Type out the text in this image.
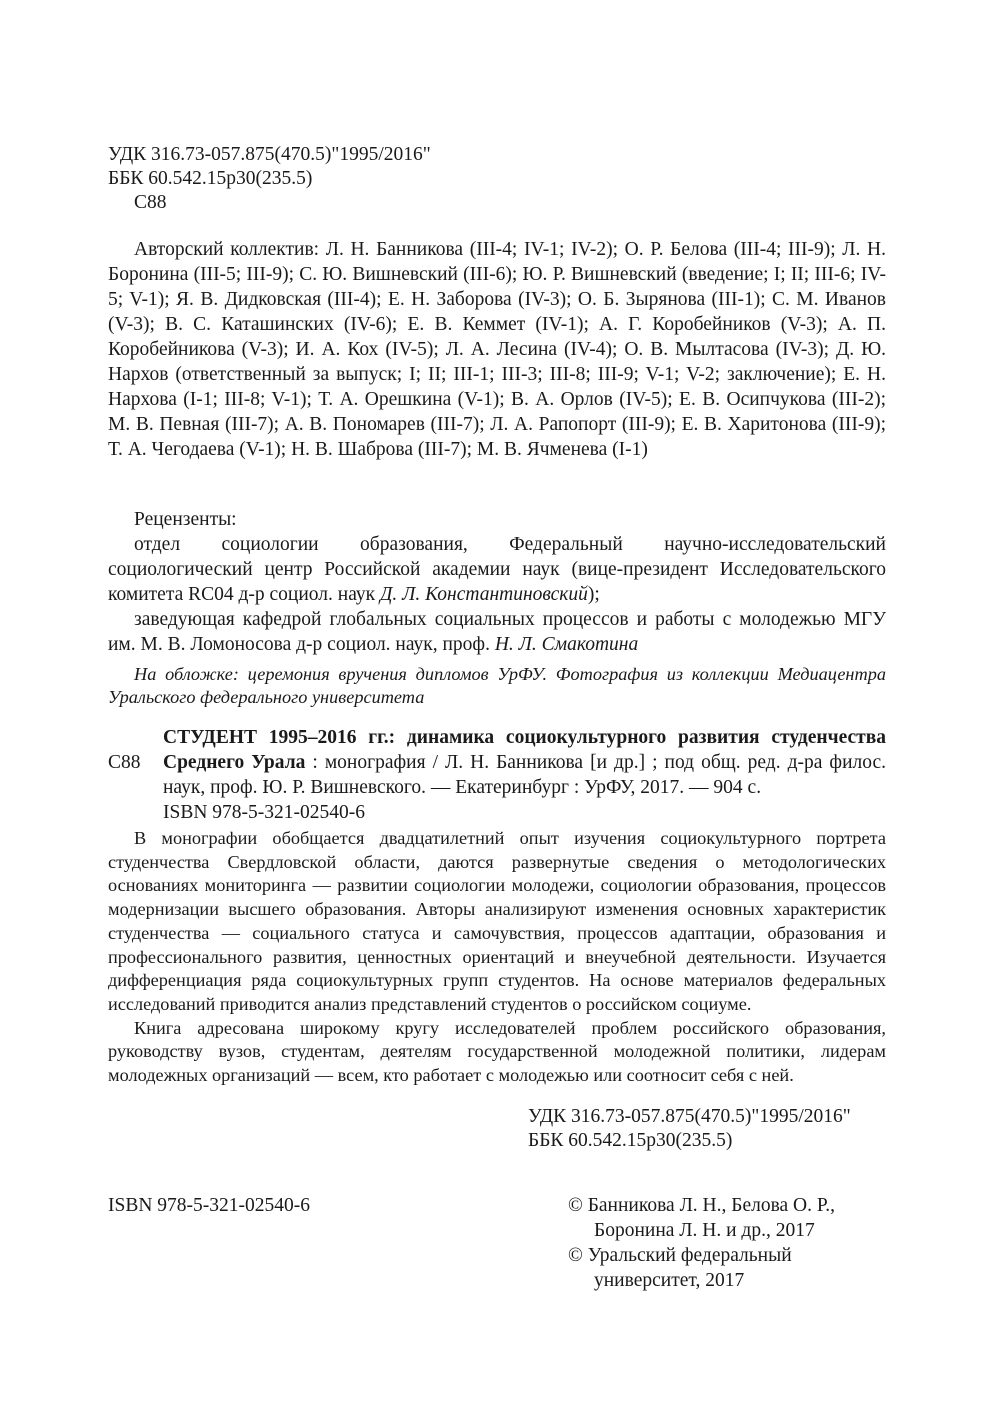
УДК 316.73-057.875(470.5)"1995/2016"

ББК 60.542.15р30(235.5)

С88

Авторский коллектив: Л. Н. Банникова (III-4; IV-1; IV-2); О. Р. Белова (III-4; III-9); Л. Н. Боронина (III-5; III-9); С. Ю. Вишневский (III-6); Ю. Р. Вишневский (введение; I; II; III-6; IV-5; V-1); Я. В. Дидковская (III-4); Е. Н. Заборова (IV-3); О. Б. Зырянова (III-1); С. М. Иванов (V-3); В. С. Каташинских (IV-6); Е. В. Кеммет (IV-1); А. Г. Коробейников (V-3); А. П. Коробейникова (V-3); И. А. Кох (IV-5); Л. А. Лесина (IV-4); О. В. Мылтасова (IV-3); Д. Ю. Нархов (ответственный за выпуск; I; II; III-1; III-3; III-8; III-9; V-1; V-2; заключение); Е. Н. Нархова (I-1; III-8; V-1); Т. А. Орешкина (V-1); В. А. Орлов (IV-5); Е. В. Осипчукова (III-2); М. В. Певная (III-7); А. В. Пономарев (III-7); Л. А. Рапопорт (III-9); Е. В. Харитонова (III-9); Т. А. Чегодаева (V-1); Н. В. Шаброва (III-7); М. В. Ячменева (I-1)

Рецензенты:

отдел социологии образования, Федеральный научно-исследовательский социологический центр Российской академии наук (вице-президент Исследовательского комитета RC04 д-р социол. наук Д. Л. Константиновский);

заведующая кафедрой глобальных социальных процессов и работы с молодежью МГУ им. М. В. Ломоносова д-р социол. наук, проф. Н. Л. Смакотина

На обложке: церемония вручения дипломов УрФУ. Фотография из коллекции Медиацентра Уральского федерального университета

С88

СТУДЕНТ 1995–2016 гг.: динамика социокультурного развития студенчества Среднего Урала : монография / Л. Н. Банникова [и др.] ; под общ. ред. д-ра филос. наук, проф. Ю. Р. Вишневского. — Екатеринбург : УрФУ, 2017. — 904 с.

ISBN 978-5-321-02540-6

В монографии обобщается двадцатилетний опыт изучения социокультурного портрета студенчества Свердловской области, даются развернутые сведения о методологических основаниях мониторинга — развитии социологии молодежи, социологии образования, процессов модернизации высшего образования. Авторы анализируют изменения основных характеристик студенчества — социального статуса и самочувствия, процессов адаптации, образования и профессионального развития, ценностных ориентаций и внеучебной деятельности. Изучается дифференциация ряда социокультурных групп студентов. На основе материалов федеральных исследований приводится анализ представлений студентов о российском социуме.

Книга адресована широкому кругу исследователей проблем российского образования, руководству вузов, студентам, деятелям государственной молодежной политики, лидерам молодежных организаций — всем, кто работает с молодежью или соотносит себя с ней.

УДК 316.73-057.875(470.5)"1995/2016"

ББК 60.542.15р30(235.5)

ISBN 978-5-321-02540-6	© Банникова Л. Н., Белова О. Р., Боронина Л. Н. и др., 2017

© Уральский федеральный университет, 2017
